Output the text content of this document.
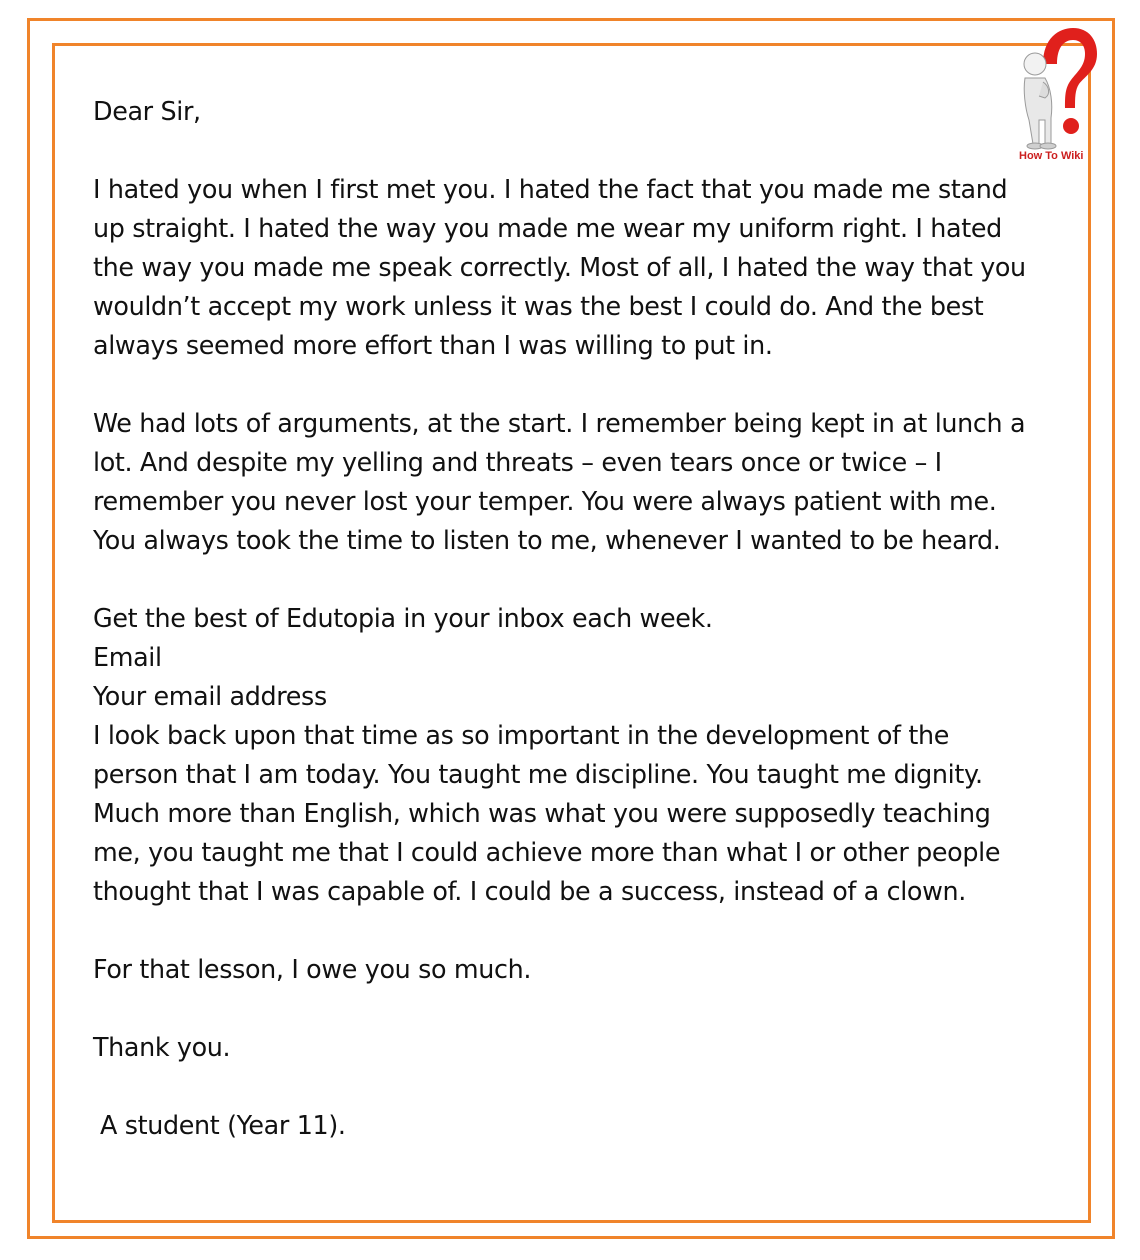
How To Wiki
Dear Sir,
I hated you when I first met you. I hated the fact that you made me stand
up straight. I hated the way you made me wear my uniform right. I hated
the way you made me speak correctly. Most of all, I hated the way that you
wouldn’t accept my work unless it was the best I could do. And the best
always seemed more effort than I was willing to put in.
We had lots of arguments, at the start. I remember being kept in at lunch a
lot. And despite my yelling and threats – even tears once or twice – I
remember you never lost your temper. You were always patient with me.
You always took the time to listen to me, whenever I wanted to be heard.
Get the best of Edutopia in your inbox each week.
Email
Your email address
I look back upon that time as so important in the development of the
person that I am today. You taught me discipline. You taught me dignity.
Much more than English, which was what you were supposedly teaching
me, you taught me that I could achieve more than what I or other people
thought that I was capable of. I could be a success, instead of a clown.
For that lesson, I owe you so much.
Thank you.
A student (Year 11).
